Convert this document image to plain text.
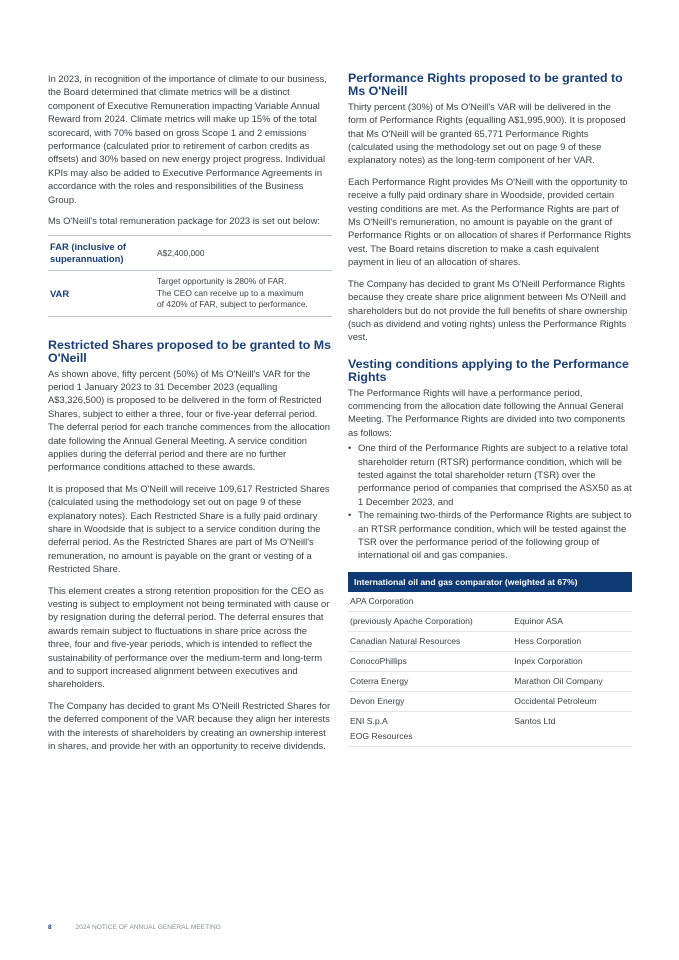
In 2023, in recognition of the importance of climate to our business, the Board determined that climate metrics will be a distinct component of Executive Remuneration impacting Variable Annual Reward from 2024. Climate metrics will make up 15% of the total scorecard, with 70% based on gross Scope 1 and 2 emissions performance (calculated prior to retirement of carbon credits as offsets) and 30% based on new energy project progress. Individual KPIs may also be added to Executive Performance Agreements in accordance with the roles and responsibilities of the Business Group.

Ms O'Neill's total remuneration package for 2023 is set out below:

FAR (inclusive of superannuation)	A$2,400,000
VAR	Target opportunity is 280% of FAR.
The CEO can receive up to a maximum
of 420% of FAR, subject to performance.
Restricted Shares proposed to be granted to Ms O'Neill

As shown above, fifty percent (50%) of Ms O'Neill's VAR for the period 1 January 2023 to 31 December 2023 (equalling A$3,326,500) is proposed to be delivered in the form of Restricted Shares, subject to either a three, four or five-year deferral period. The deferral period for each tranche commences from the allocation date following the Annual General Meeting. A service condition applies during the deferral period and there are no further performance conditions attached to these awards.

It is proposed that Ms O'Neill will receive 109,617 Restricted Shares (calculated using the methodology set out on page 9 of these explanatory notes). Each Restricted Share is a fully paid ordinary share in Woodside that is subject to a service condition during the deferral period. As the Restricted Shares are part of Ms O'Neill's remuneration, no amount is payable on the grant or vesting of a Restricted Share.

This element creates a strong retention proposition for the CEO as vesting is subject to employment not being terminated with cause or by resignation during the deferral period. The deferral ensures that awards remain subject to fluctuations in share price across the three, four and five-year periods, which is intended to reflect the sustainability of performance over the medium-term and long-term and to support increased alignment between executives and shareholders.

The Company has decided to grant Ms O'Neill Restricted Shares for the deferred component of the VAR because they align her interests with the interests of shareholders by creating an ownership interest in shares, and provide her with an opportunity to receive dividends.

Performance Rights proposed to be granted to Ms O'Neill

Thirty percent (30%) of Ms O'Neill's VAR will be delivered in the form of Performance Rights (equalling A$1,995,900). It is proposed that Ms O'Neill will be granted 65,771 Performance Rights (calculated using the methodology set out on page 9 of these explanatory notes) as the long-term component of her VAR.

Each Performance Right provides Ms O'Neill with the opportunity to receive a fully paid ordinary share in Woodside, provided certain vesting conditions are met. As the Performance Rights are part of Ms O'Neill's remuneration, no amount is payable on the grant of Performance Rights or on allocation of shares if Performance Rights vest. The Board retains discretion to make a cash equivalent payment in lieu of an allocation of shares.

The Company has decided to grant Ms O'Neill Performance Rights because they create share price alignment between Ms O'Neill and shareholders but do not provide the full benefits of share ownership (such as dividend and voting rights) unless the Performance Rights vest.

Vesting conditions applying to the Performance Rights

The Performance Rights will have a performance period, commencing from the allocation date following the Annual General Meeting. The Performance Rights are divided into two components as follows:

• One third of the Performance Rights are subject to a relative total shareholder return (RTSR) performance condition, which will be tested against the total shareholder return (TSR) over the performance period of companies that comprised the ASX50 as at 1 December 2023, and
• The remaining two-thirds of the Performance Rights are subject to an RTSR performance condition, which will be tested against the TSR over the performance period of the following group of international oil and gas companies.
International oil and gas comparator (weighted at 67%)
APA Corporation	
(previously Apache Corporation)	Equinor ASA
Canadian Natural Resources	Hess Corporation
ConocoPhillips	Inpex Corporation
Coterra Energy	Marathon Oil Company
Devon Energy	Occidental Petroleum
ENI S.p.A	Santos Ltd
EOG Resources	
8	2024 NOTICE OF ANNUAL GENERAL MEETING
